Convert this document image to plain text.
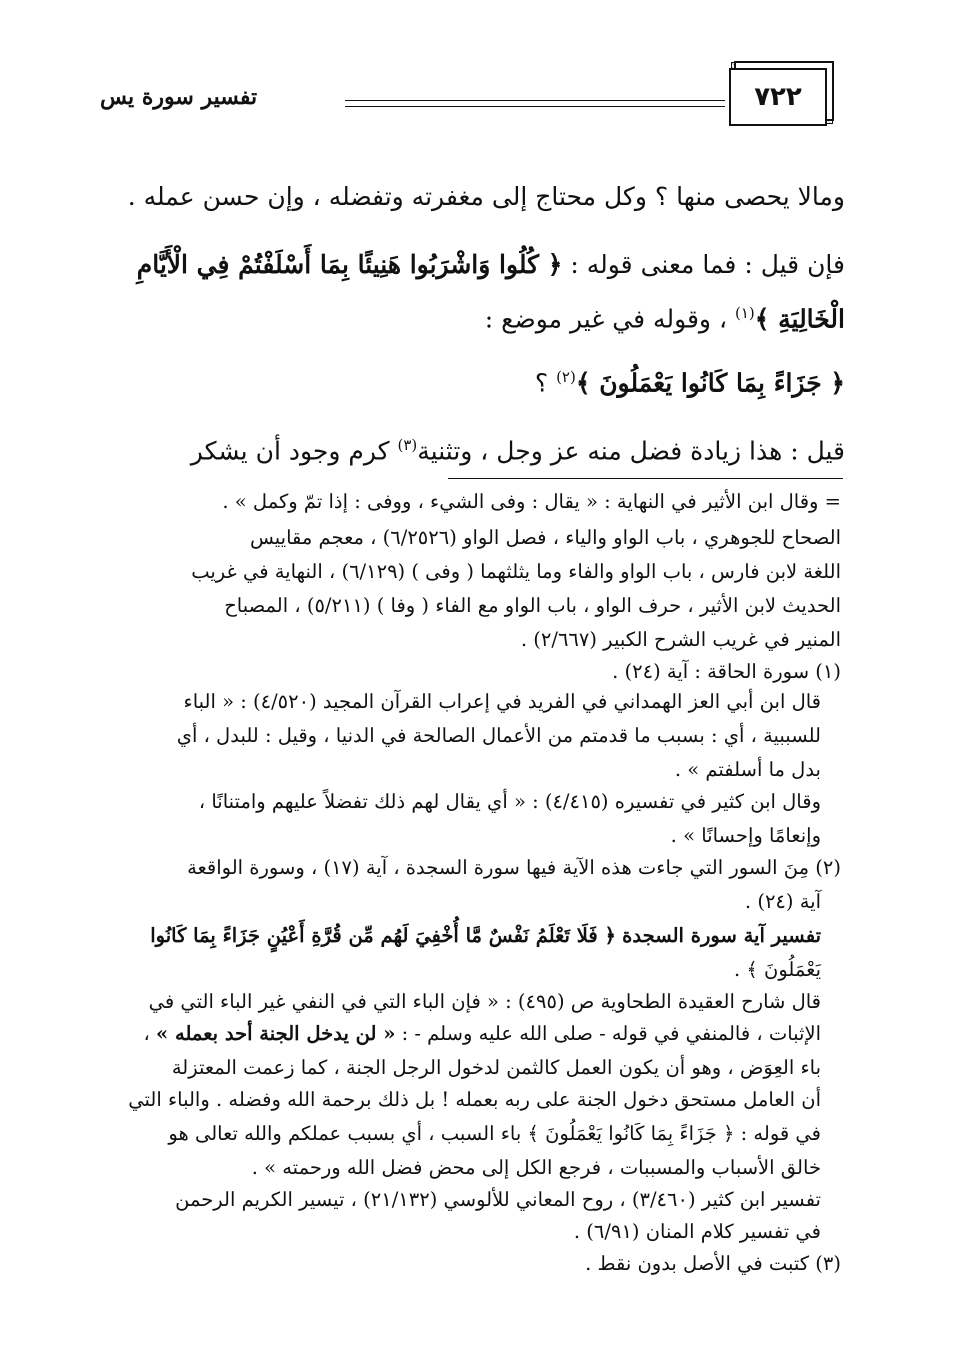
٧٢٢
تفسير سورة يس
ومالا يحصى منها ؟ وكل محتاج إلى مغفرته وتفضله ، وإن حسن عمله .
فإن قيل : فما معنى قوله : ﴿ كُلُوا وَاشْرَبُوا هَنِيئًا بِمَا أَسْلَفْتُمْ فِي الْأَيَّامِ
الْخَالِيَةِ ﴾$^{(١)}$ ، وقوله في غير موضع :
﴿ جَزَاءً بِمَا كَانُوا يَعْمَلُونَ ﴾$^{(٢)}$ ؟
قيل : هذا زيادة فضل منه عز وجل ، وتثنية$^{(٣)}$ كرم وجود أن يشكر
= وقال ابن الأثير في النهاية : « يقال : وفى الشيء ، ووفى : إذا تمّ وكمل » .
الصحاح للجوهري ، باب الواو والياء ، فصل الواو (٦/٢٥٢٦) ، معجم مقاييس
اللغة لابن فارس ، باب الواو والفاء وما يثلثهما ( وفى ) (٦/١٢٩) ، النهاية في غريب
الحديث لابن الأثير ، حرف الواو ، باب الواو مع الفاء ( وفا ) (٥/٢١١) ، المصباح
المنير في غريب الشرح الكبير (٢/٦٦٧) .
(١) سورة الحاقة : آية (٢٤) .
قال ابن أبي العز الهمداني في الفريد في إعراب القرآن المجيد (٤/٥٢٠) : « الباء
للسببية ، أي : بسبب ما قدمتم من الأعمال الصالحة في الدنيا ، وقيل : للبدل ، أي
بدل ما أسلفتم » .
وقال ابن كثير في تفسيره (٤/٤١٥) : « أي يقال لهم ذلك تفضلاً عليهم وامتنانًا ،
وإنعامًا وإحسانًا » .
(٢) مِنَ السور التي جاءت هذه الآية فيها سورة السجدة ، آية (١٧) ، وسورة الواقعة
آية (٢٤) .
تفسير آية سورة السجدة ﴿ فَلَا تَعْلَمُ نَفْسٌ مَّا أُخْفِيَ لَهُم مِّن قُرَّةِ أَعْيُنٍ جَزَاءً بِمَا كَانُوا
يَعْمَلُونَ ﴾ .
قال شارح العقيدة الطحاوية ص (٤٩٥) : « فإن الباء التي في النفي غير الباء التي في
الإثبات ، فالمنفي في قوله - صلى الله عليه وسلم - : « لن يدخل الجنة أحد بعمله » ،
باء العِوَض ، وهو أن يكون العمل كالثمن لدخول الرجل الجنة ، كما زعمت المعتزلة
أن العامل مستحق دخول الجنة على ربه بعمله ! بل ذلك برحمة الله وفضله . والباء التي
في قوله : ﴿ جَزَاءً بِمَا كَانُوا يَعْمَلُونَ ﴾ باء السبب ، أي بسبب عملكم والله تعالى هو
خالق الأسباب والمسببات ، فرجع الكل إلى محض فضل الله ورحمته » .
تفسير ابن كثير (٣/٤٦٠) ، روح المعاني للألوسي (٢١/١٣٢) ، تيسير الكريم الرحمن
في تفسير كلام المنان (٦/٩١) .
(٣) كتبت في الأصل بدون نقط .
